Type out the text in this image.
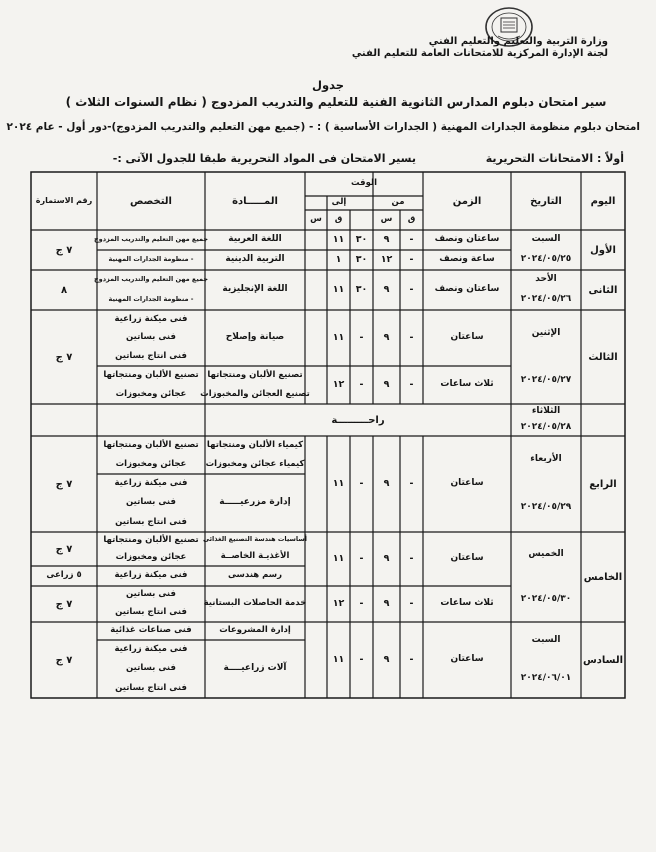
وزارة التربية والتعليم والتعليم الفني
لجنة الإدارة المركزية للامتحانات العامة للتعليم الفني
جدول
سير امتحان دبلوم المدارس الثانوية الفنية للتعليم والتدريب المزدوج ( نظام السنوات الثلاث )
امتحان دبلوم منظومة الجدارات المهنية ( الجدارات الأساسية ) : - (جميع مهن التعليم والتدريب المزدوج)-دور أول - عام ٢٠٢٤
أولاً : الامتحانات التحريرية
يسير الامتحان فى المواد التحريرية طبقا للجدول الآتى :-
اليوم
التاريخ
الزمن
الوقت
من
إلى
ق
س
ق
س
المـــــادة
التخصص
رقم الاستمارة
الأول
السبت
٢٠٢٤/٠٥/٢٥
ساعتان ونصف
-
٩
٣٠
١١
اللغة العربية
جميع مهن التعليم والتدريب المزدوج
ساعة ونصف
-
١٢
٣٠
١
التربية الدينية
- منظومة الجدارات المهنية
٧ ج
الثانى
الأحد
٢٠٢٤/٠٥/٢٦
ساعتان ونصف
-
٩
٣٠
١١
اللغة الإنجليزية
جميع مهن التعليم والتدريب المزدوج
- منظومة الجدارات المهنية
٨
الثالث
الإثنين
٢٠٢٤/٠٥/٢٧
ساعتان
-
٩
-
١١
صيانة وإصلاح
فنى ميكنة زراعية
فنى بساتين
فنى انتاج بساتين
ثلاث ساعات
-
٩
-
١٢
تصنيع الألبان ومنتجاتها
تصنيع العجائن والمخبوزات
تصنيع الألبان ومنتجاتها
عجائن ومخبوزات
٧ ج
الثلاثاء
٢٠٢٤/٠٥/٢٨
راحـــــــــة
الرابع
الأربعاء
٢٠٢٤/٠٥/٢٩
ساعتان
-
٩
-
١١
كيمياء الألبان ومنتجاتها
كيمياء عجائن ومخبوزات
إدارة مزرعيـــــة
تصنيع الألبان ومنتجاتها
عجائن ومخبوزات
فنى ميكنة زراعية
فنى بساتين
فنى انتاج بساتين
٧ ج
الخامس
الخميس
٢٠٢٤/٠٥/٣٠
ساعتان
-
٩
-
١١
أساسيات هندسة التصنيع الغذائى
الأغذيـة الخاصــة
رسم هندسى
تصنيع الألبان ومنتجاتها
عجائن ومخبوزات
فنى ميكنة زراعية
٧ ج
٥ زراعى
ثلاث ساعات
-
٩
-
١٢
خدمة الحاصلات البستانية
فنى بساتين
فنى انتاج بساتين
٧ ج
السادس
السبت
٢٠٢٤/٠٦/٠١
ساعتان
-
٩
-
١١
إدارة المشروعات
آلات زراعيــــة
فنى صناعات غذائية
فنى ميكنة زراعية
فنى بساتين
فنى انتاج بساتين
٧ ج
